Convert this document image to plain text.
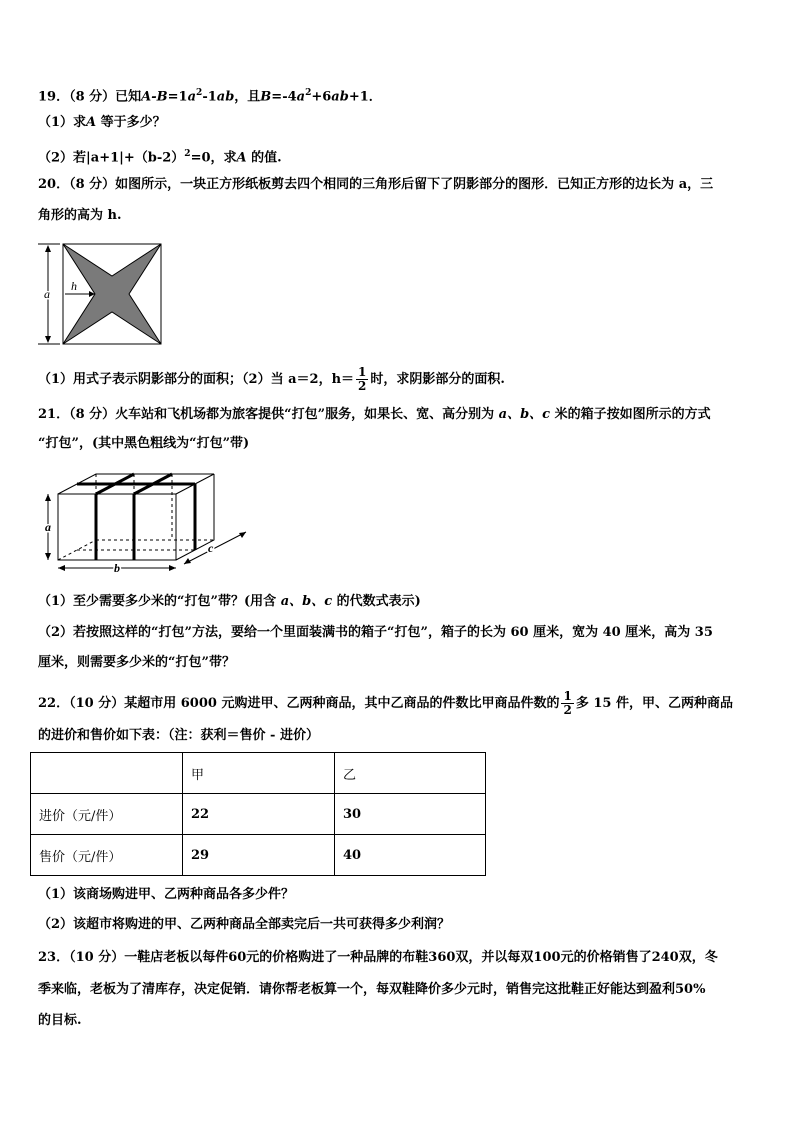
19．（8 分）已知$A-B=1a^2-1ab$，且$B=-4a^2+6ab+1$．
（1）求A 等于多少？
（2）若$|a+1|+(b-2)^2=0$，求A 的值.
20．（8 分）如图所示，一块正方形纸板剪去四个相同的三角形后留下了阴影部分的图形．已知正方形的边长为 a，三
角形的高为 h.
h
a
（1）用式子表示阴影部分的面积；（2）当 a＝2，$h= \frac{1}{2}$ 时，求阴影部分的面积.
21．（8 分）火车站和飞机场都为旅客提供“打包”服务，如果长、宽、高分别为 a、b、c 米的箱子按如图所示的方式
“打包”，(其中黑色粗线为“打包”带)
a
b
c
（1）至少需要多少米的“打包”带？(用含 a、b、c 的代数式表示)
（2）若按照这样的“打包”方法，要给一个里面装满书的箱子“打包”，箱子的长为 60 厘米，宽为 40 厘米，高为 35
厘米，则需要多少米的“打包”带？
22．（10 分）某超市用 6000 元购进甲、乙两种商品，其中乙商品的件数比甲商品件数的 $\frac{1}{2}$ 多 15 件，甲、乙两种商品
的进价和售价如下表：（注：获利＝售价 - 进价）
	甲	乙
进价（元/件）	22	30
售价（元/件）	29	40
（1）该商场购进甲、乙两种商品各多少件？
（2）该超市将购进的甲、乙两种商品全部卖完后一共可获得多少利润？
23．（10 分）一鞋店老板以每件60元的价格购进了一种品牌的布鞋360双，并以每双100元的价格销售了240双，冬
季来临，老板为了清库存，决定促销．请你帮老板算一个，每双鞋降价多少元时，销售完这批鞋正好能达到盈利50%
的目标.
